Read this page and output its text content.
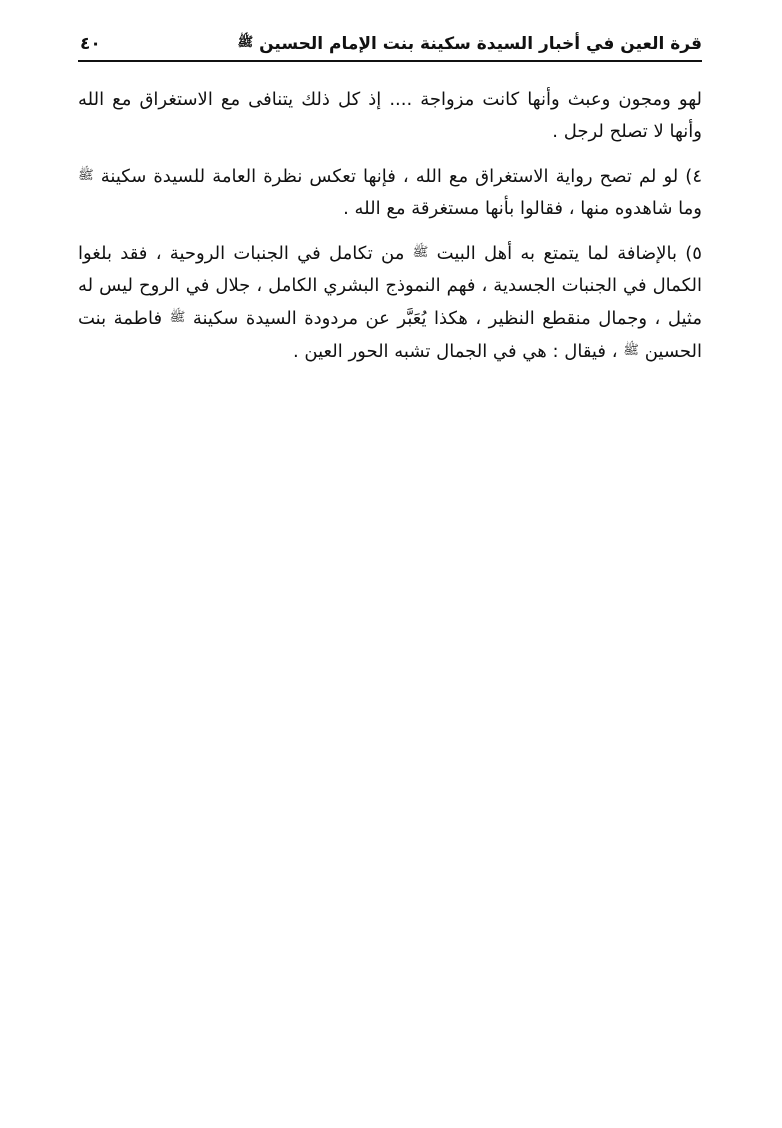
قرة العين في أخبار السيدة سكينة بنت الإمام الحسين ﷺ
٤٠

لهو ومجون وعبث وأنها كانت مزواجة .... إذ كل ذلك يتنافى مع الاستغراق مع الله وأنها لا تصلح لرجل .

٤) لو لم تصح رواية الاستغراق مع الله ، فإنها تعكس نظرة العامة للسيدة سكينة ﷺ وما شاهدوه منها ، فقالوا بأنها مستغرقة مع الله .

٥) بالإضافة لما يتمتع به أهل البيت ﷺ من تكامل في الجنبات الروحية ، فقد بلغوا الكمال في الجنبات الجسدية ، فهم النموذج البشري الكامل ، جلال في الروح ليس له مثيل ، وجمال منقطع النظير ، هكذا يُعَبَّر عن مردودة السيدة سكينة ﷺ فاطمة بنت الحسين ﷺ ، فيقال : هي في الجمال تشبه الحور العين .
